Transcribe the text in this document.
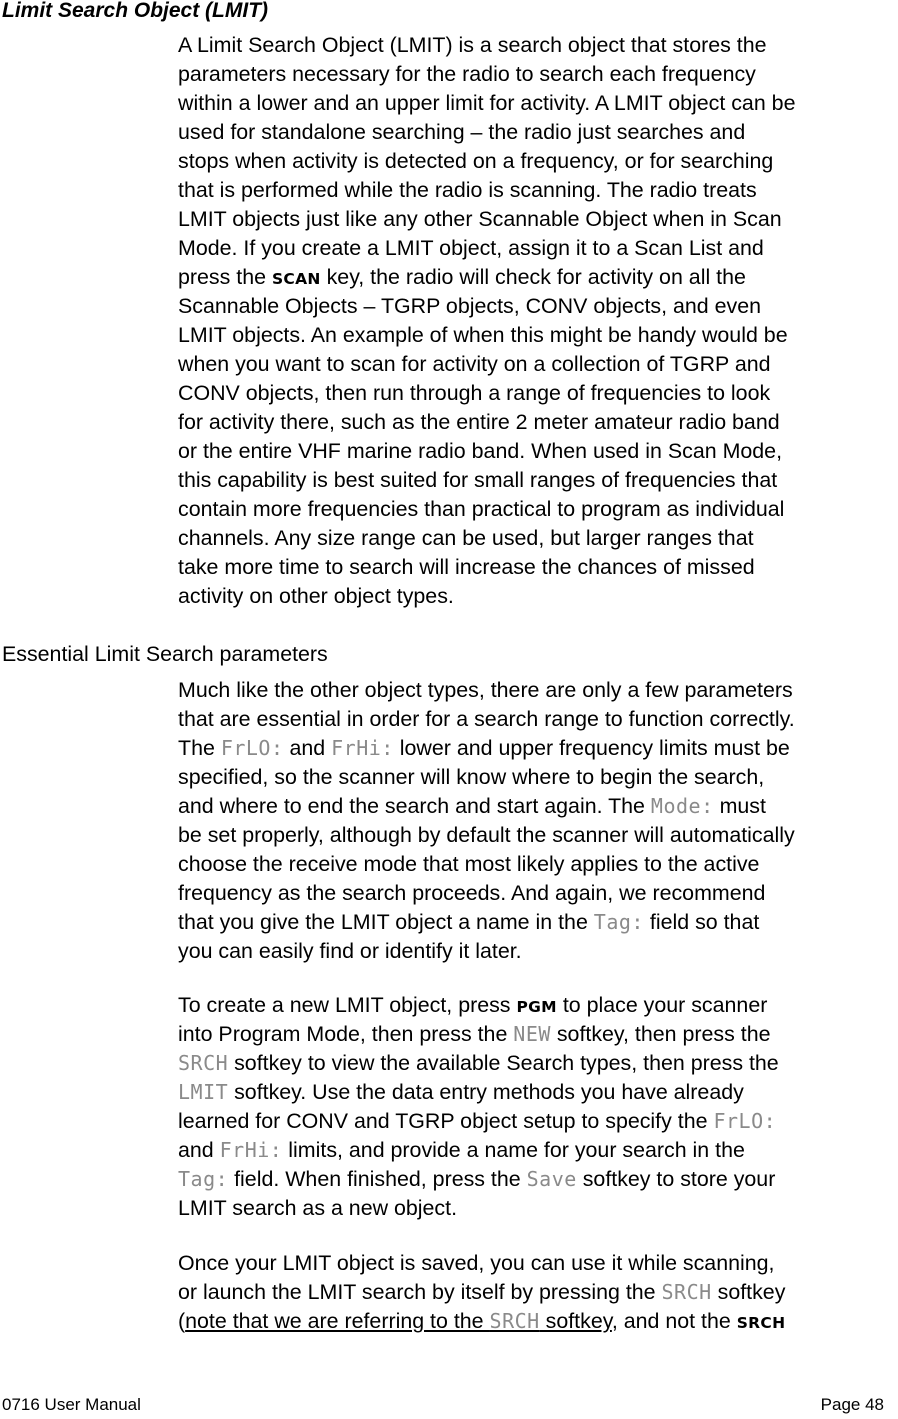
Limit Search Object (LMIT)
A Limit Search Object (LMIT) is a search object that stores the
parameters necessary for the radio to search each frequency
within a lower and an upper limit for activity. A LMIT object can be
used for standalone searching – the radio just searches and
stops when activity is detected on a frequency, or for searching
that is performed while the radio is scanning. The radio treats
LMIT objects just like any other Scannable Object when in Scan
Mode. If you create a LMIT object, assign it to a Scan List and
press the SCAN key, the radio will check for activity on all the
Scannable Objects – TGRP objects, CONV objects, and even
LMIT objects. An example of when this might be handy would be
when you want to scan for activity on a collection of TGRP and
CONV objects, then run through a range of frequencies to look
for activity there, such as the entire 2 meter amateur radio band
or the entire VHF marine radio band. When used in Scan Mode,
this capability is best suited for small ranges of frequencies that
contain more frequencies than practical to program as individual
channels. Any size range can be used, but larger ranges that
take more time to search will increase the chances of missed
activity on other object types.
Essential Limit Search parameters
Much like the other object types, there are only a few parameters
that are essential in order for a search range to function correctly.
The FrLO: and FrHi: lower and upper frequency limits must be
specified, so the scanner will know where to begin the search,
and where to end the search and start again. The Mode: must
be set properly, although by default the scanner will automatically
choose the receive mode that most likely applies to the active
frequency as the search proceeds. And again, we recommend
that you give the LMIT object a name in the Tag: field so that
you can easily find or identify it later.
To create a new LMIT object, press PGM to place your scanner
into Program Mode, then press the NEW softkey, then press the
SRCH softkey to view the available Search types, then press the
LMIT softkey. Use the data entry methods you have already
learned for CONV and TGRP object setup to specify the FrLO:
and FrHi: limits, and provide a name for your search in the
Tag: field. When finished, press the Save softkey to store your
LMIT search as a new object.
Once your LMIT object is saved, you can use it while scanning,
or launch the LMIT search by itself by pressing the SRCH softkey
(note that we are referring to the SRCH softkey, and not the SRCH
0716 User Manual	Page 48
